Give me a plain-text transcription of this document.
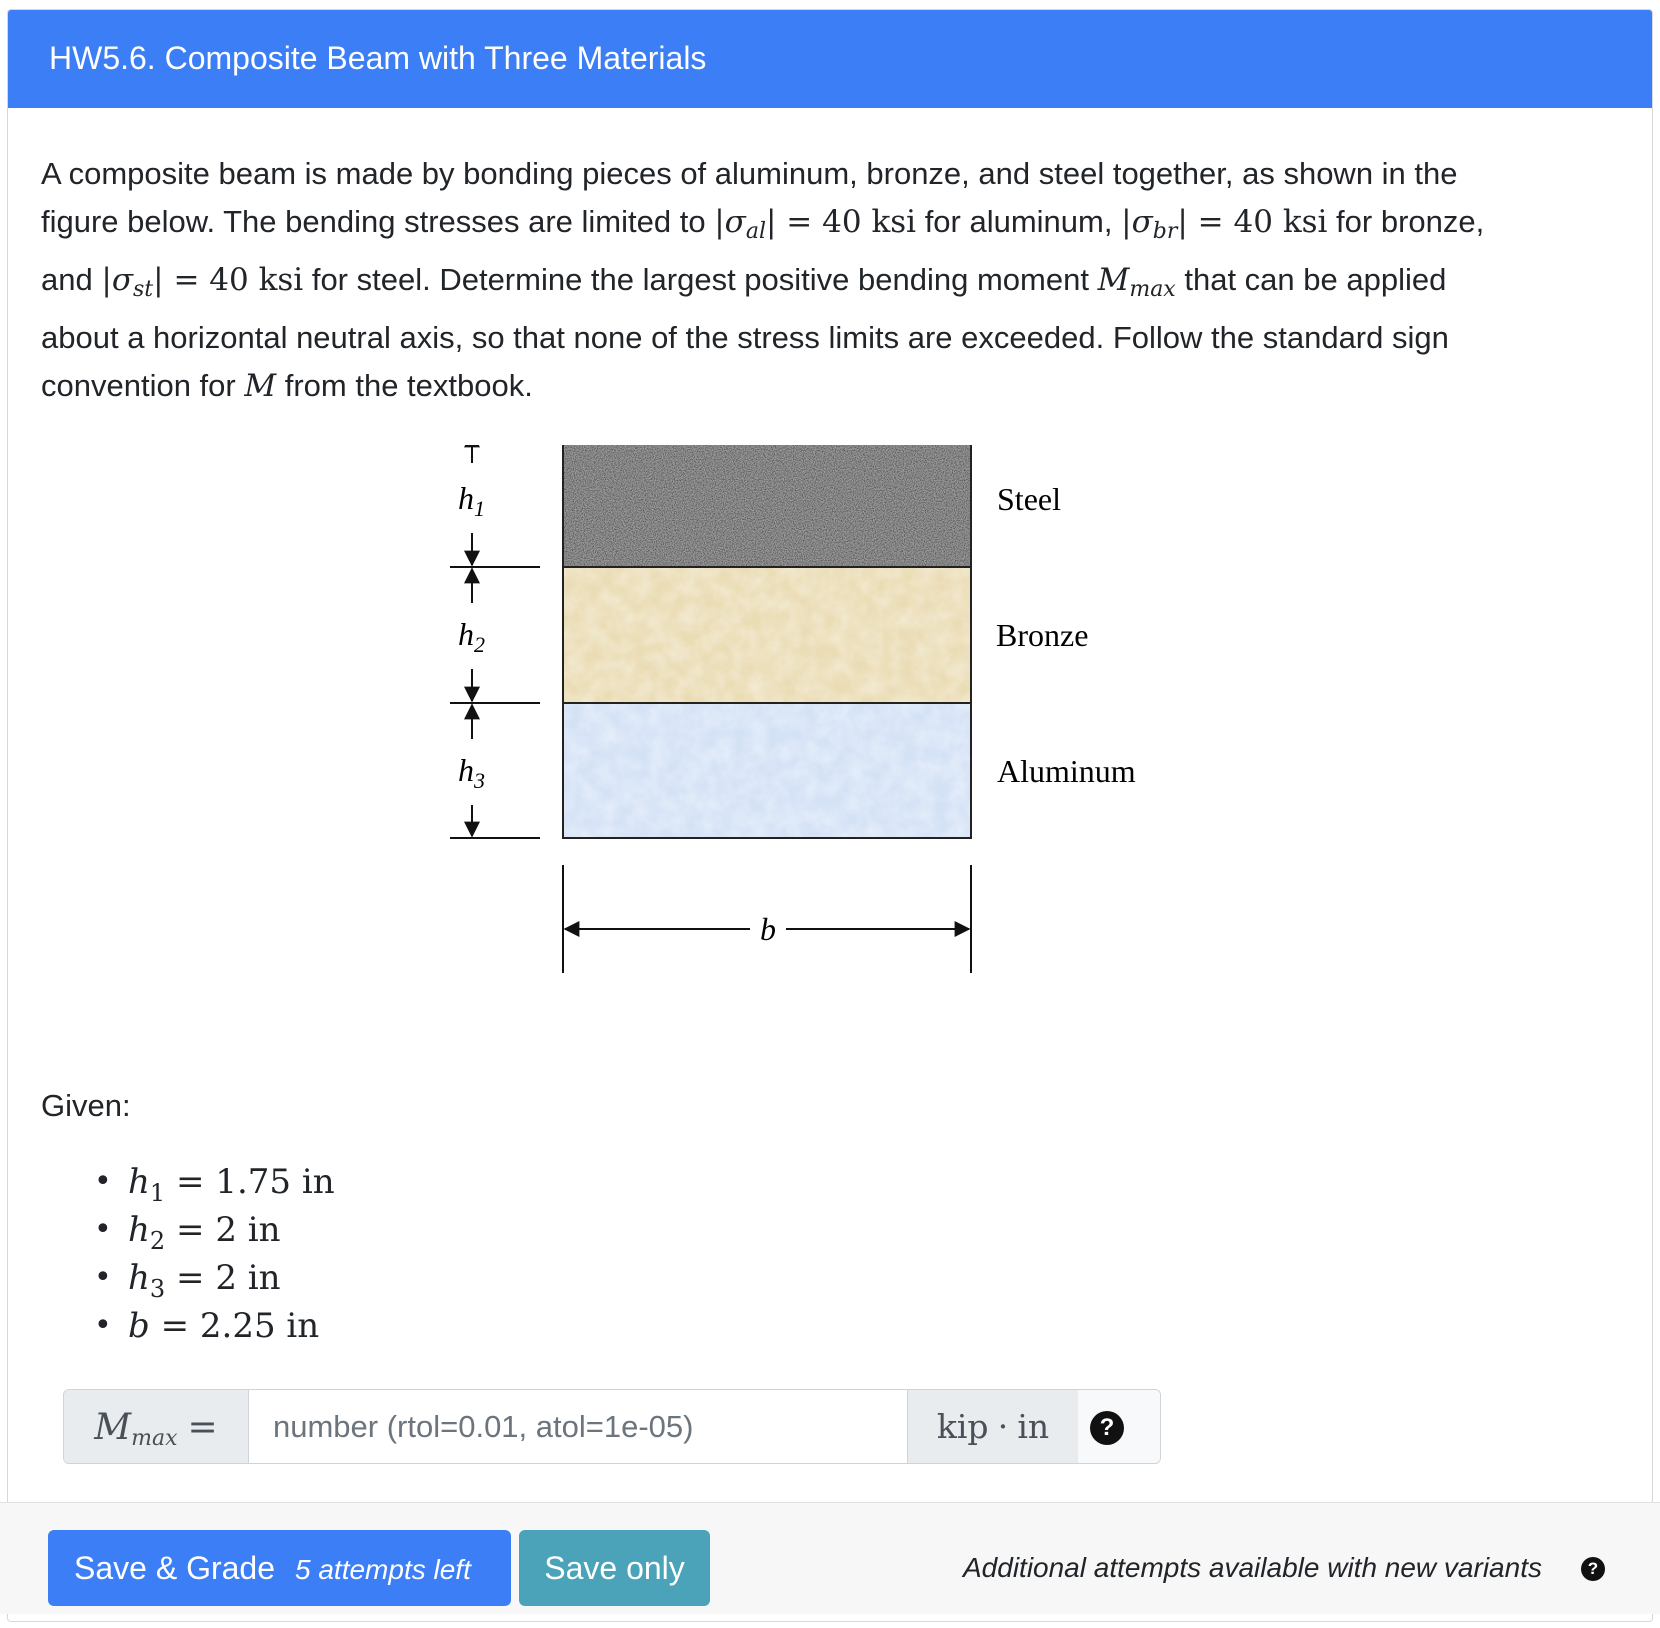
HW5.6. Composite Beam with Three Materials

A composite beam is made by bonding pieces of aluminum, bronze, and steel together, as shown in the

figure below. The bending stresses are limited to $|\sigma_{al}| = 40$ ksi for aluminum, $|\sigma_{br}| = 40$ ksi for bronze,

and $|\sigma_{st}| = 40$ ksi for steel. Determine the largest positive bending moment $M_{max}$ that can be applied

about a horizontal neutral axis, so that none of the stress limits are exceeded. Follow the standard sign

convention for M from the textbook.

$h_1$
$h_2$
$h_3$
b
Steel
Bronze
Aluminum
Given:
• $h_1 = 1.75$ in
• $h_2 = 2$ in
• $h_3 = 2$ in
• b = 2.25 in
$M_{max}$ =
number (rtol=0.01, atol=1e-05)	kip · in	?
Save & Grade 5 attempts left	Save only	Additional attempts available with new variants	?
